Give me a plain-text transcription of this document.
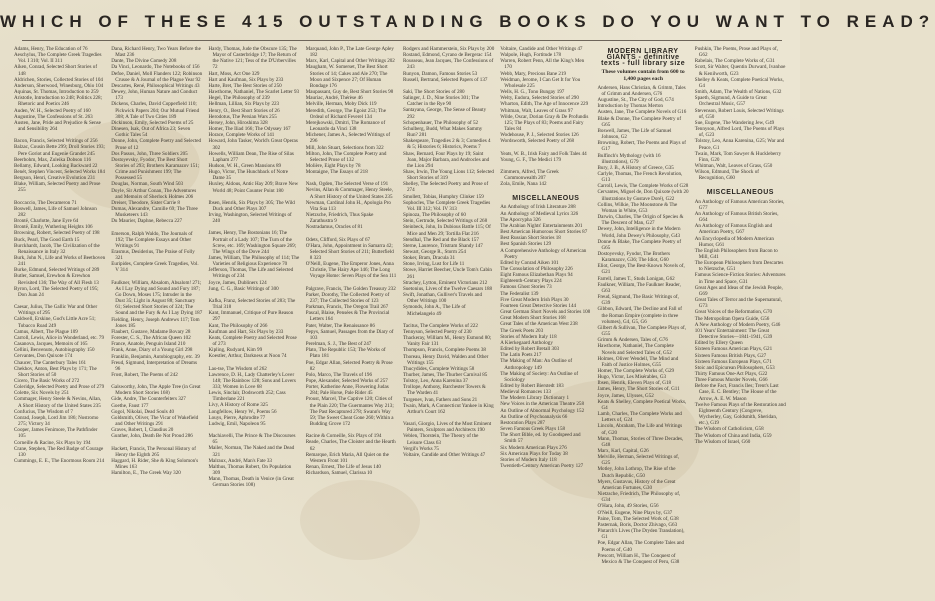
WHICH OF THESE 415 OUTSTANDING BOOKS DO YOU WANT TO READ?

Adams, Henry, The Education of 76

Aeschylus, The Complete Greek Tragedies Vol. I 310; Vol. II 311

Aiken, Conrad, Selected Short Stories of 148

Aldrichen, Stories, Collected Stories of 104

Anderson, Sherwood, Winesburg, Ohio 104

Aquinas, St. Thomas, Introduction to 259

Aristotle, Introduction to 248; Politics 228; Rhetoric and Poetics 246

Auden, W. H., Selected Poetry of 160

Augustine, The Confessions of St. 263

Austen, Jane, Pride and Prejudice & Sense and Sensibility 264

Bacon, Francis, Selected Writings of 256

Balzac, Cousin Bette 299; Droll Stories 193; Pere Goriot and Eugenie Grandet 245

Beerbohm, Max, Zuleika Dobson 116

Bellamy, Edward, Looking Backward 22

Benét, Stephen Vincent, Selected Works 184

Bergson, Henri, Creative Evolution 231

Blake, William, Selected Poetry and Prose 255

Boccaccio, The Decameron 71

Boswell, James, Life of Samuel Johnson 282

Brontë, Charlotte, Jane Eyre 64

Brontë, Emily, Wuthering Heights 106

Browning, Robert, Selected Poetry of 198

Buck, Pearl, The Good Earth 15

Burckhardt, Jacob, The Civilization of the Renaissance in Italy 32

Burk, John N., Life and Works of Beethoven 241

Burke, Edmund, Selected Writings of 289

Butler, Samuel, Erewhon & Erewhon Revisited 136; The Way of All Flesh 13

Byron, Lord, The Selected Poetry of 195; Don Juan 24

Caesar, Julius, The Gallic War and Other Writings of 295

Caldwell, Erskine, God's Little Acre 51; Tobacco Road 249

Camus, Albert, The Plague 109

Carroll, Lewis, Alice in Wonderland, etc. 79

Casanova, Jacques, Memoirs of 165

Cellini, Benvenuto, Autobiography 150

Cervantes, Don Quixote 174

Chaucer, The Canterbury Tales 161

Chekhov, Anton, Best Plays by 171; The Short Stories of 50

Cicero, The Basic Works of 272

Coleridge, Selected Poetry and Prose of 279

Colette, Six Novels by 251

Commager, Henry Steele & Nevins, Allan, A Short History of the United States 235

Confucius, The Wisdom of 7

Conrad, Joseph, Lord Jim 186; Nostromo 275; Victory 34

Cooper, James Fenimore, The Pathfinder 105

Corneille & Racine, Six Plays by 194

Crane, Stephen, The Red Badge of Courage 130

Cummings, E. E., The Enormous Room 214

Dana, Richard Henry, Two Years Before the Mast 236

Dante, The Divine Comedy 208

Da Vinci, Leonardo, The Notebooks of 156

Defoe, Daniel, Moll Flanders 122; Robinson Crusoe & A Journal of the Plague Year 92

Descartes, René, Philosophical Writings 43

Dewey, John, Human Nature and Conduct 173

Dickens, Charles, David Copperfield 110; Pickwick Papers 204; Our Mutual Friend 308; A Tale of Two Cities 189

Dickinson, Emily, Selected Poems of 25

Dinesen, Isak, Out of Africa 23; Seven Gothic Tales 54

Donne, John, Complete Poetry and Selected Prose of 12

Dos Passos, John, Three Soldiers 205

Dostoyevsky, Fyodor, The Best Short Stories of 293; Brothers Karamazov 151; Crime and Punishment 199; The Possessed 55

Douglas, Norman, South Wind 503

Doyle, Sir Arthur Conan, The Adventures and Memoirs of Sherlock Holmes 206

Dreiser, Theodore, Sister Carrie 8

Dumas, Alexandre, Camille 69; The Three Musketeers 143

Du Maurier, Daphne, Rebecca 227

Emerson, Ralph Waldo, The Journals of 192; The Complete Essays and Other Writings 91

Erasmus, Desiderius, The Praise of Folly 321

Euripides, Complete Greek Tragedies, Vol. V 314

Faulkner, William, Absalom, Absalom! 271; As I Lay Dying and Sound and Fury 187; Go Down, Moses 175; Intruder in the Dust 35; Light in August 88; Sanctuary 61; Selected Short Stories of 324; The Sound and the Fury & As I Lay Dying 187

Fielding, Henry, Joseph Andrews 117; Tom Jones 185

Flaubert, Gustave, Madame Bovary 28

Forester, C. S., The African Queen 102

France, Anatole, Penguin Island 210

Frank, Anne, Diary of a Young Girl 298

Franklin, Benjamin, Autobiography, etc. 39

Freud, Sigmund, Interpretation of Dreams 96

Frost, Robert, The Poems of 242

Galsworthy, John, The Apple Tree (in Great Modern Short Stories 168)

Gide, Andre, The Counterfeiters 327

Goethe, Faust 177

Gogol, Nikolai, Dead Souls 40

Goldsmith, Oliver, The Vicar of Wakefield and Other Writings 291

Graves, Robert, I, Claudius 20

Gunther, John, Death Be Not Proud 286

Hackett, Francis, The Personal History of Henry the Eighth 265

Haggard, H. Rider, She & King Solomon's Mines 163

Hamilton, E., The Greek Way 320

Hardy, Thomas, Jude the Obscure 135; The Mayor of Casterbridge 17; The Return of the Native 121; Tess of the D'Urbervilles 72

Hart, Moss, Act One 329

Hart and Kaufman, Six Plays by 233

Harte, Bret, The Best Stories of 250

Hawthorne, Nathaniel, The Scarlet Letter 93

Hegel, The Philosophy of 239

Hellman, Lillian, Six Plays by 223

Henry, O., Best Short Stories of 26

Herodotus, The Persian Wars 255

Hersey, John, Hiroshima 328

Homer, The Iliad 166; The Odyssey 167

Horace, Complete Works of 141

Howard, John Tasker, World's Great Operas 302

Howells, William Dean, The Rise of Silas Lapham 277

Hudson, W. H., Green Mansions 89

Hugo, Victor, The Hunchback of Notre Dame 35

Huxley, Aldous, Antic Hay 209; Brave New World 48; Point Counter Point 180

Ibsen, Henrik, Six Plays by 305; The Wild Duck and Other Plays 307

Irving, Washington, Selected Writings of 240

James, Henry, The Bostonians 16; The Portrait of a Lady 107; The Turn of the Screw, etc. 169; Washington Square 269; The Wings of the Dove 244

James, William, The Philosophy of 114; The Varieties of Religious Experience 70

Jefferson, Thomas, The Life and Selected Writings of 234

Joyce, James, Dubliners 124

Jung, C. G., Basic Writings of 300

Kafka, Franz, Selected Stories of 283; The Trial 318

Kant, Immanuel, Critique of Pure Reason 297

Kant, The Philosophy of 266

Kaufman and Hart, Six Plays by 233

Keats, Complete Poetry and Selected Prose of 273

Kipling, Rudyard, Kim 99

Koestler, Arthur, Darkness at Noon 74

Lao-tse, The Wisdom of 262

Lawrence, D. H., Lady Chatterley's Lover 148; The Rainbow 128; Sons and Lovers 333; Women in Love 68

Lewis, Sinclair, Dodsworth 252; Cass Timberlane 221

Livy, A History of Rome 325

Longfellow, Henry W., Poems 56

Louys, Pierre, Aphrodite 77

Ludwig, Emil, Napoleon 95

Machiavelli, The Prince & The Discourses 65

Mailer, Norman, The Naked and the Dead 321

Malraux, André, Man's Fate 33

Malthus, Thomas Robert, On Population 309

Mann, Thomas, Death in Venice (in Great German Stories 108)

Marquand, John P., The Late George Apley 182

Marx, Karl, Capital and Other Writings 202

Maugham, W. Somerset, The Best Short Stories of 14; Cakes and Ale 270; The Moon and Sixpence 27; Of Human Bondage 176

Maupassant, Guy de, Best Short Stories 98

Mauriac, André, Thérèse 46

Melville, Herman, Moby Dick 119

Meredith, George, The Egoist 253; The Ordeal of Richard Feverel 134

Merejkowski, Dmitri, The Romance of Leonardo da Vinci 138

Michener, James A., Selected Writings of 296

Mill, John Stuart, Selections from 322

Milton, John, The Complete Poetry and Selected Prose of 132

Molière, Eight Plays by 78

Montaigne, The Essays of 218

Nash, Ogden, The Selected Verse of 191

Nevins, Allan & Commager, Henry Steele, A Short History of the United States 235

Newman, Cardinal John H., Apologia Pro Vita Sua 113

Nietzsche, Friedrich, Thus Spake Zarathustra 9

Nostradamus, Oracles of 81

Odets, Clifford, Six Plays of 67

O'Hara, John, Appointment in Samarra 42; Selected Short Stories of 211; Butterfield 8 323

O'Neill, Eugene, The Emperor Jones, Anna Christie, The Hairy Ape 146; The Long Voyage Home: Seven Plays of the Sea 111

Palgrave, Francis, The Golden Treasury 232

Parker, Dorothy, The Collected Poetry of 237; The Collected Stories of 123

Parkman, Francis, The Oregon Trail 267

Pascal, Blaise, Pensées & The Provincial Letters 164

Pater, Walter, The Renaissance 86

Pepys, Samuel, Passages from the Diary of 103

Perelman, S. J., The Best of 247

Plato, The Republic 153; The Works of Plato 181

Poe, Edgar Allan, Selected Poetry & Prose 82

Polo, Marco, The Travels of 196

Pope, Alexander, Selected Works of 257

Porter, Katherine Anne, Flowering Judas 284; Pale Horse, Pale Rider 45

Proust, Marcel, The Captive 120; Cities of the Plain 220; The Guermantes Way 213; The Past Recaptured 278; Swann's Way 59; The Sweet Cheat Gone 260; Within a Budding Grove 172

Racine & Corneille, Six Plays of 194

Reade, Charles, The Cloister and the Hearth 62

Remarque, Erich Maria, All Quiet on the Western Front 101

Renan, Ernest, The Life of Jesus 140

Richardson, Samuel, Clarissa 10

Rodgers and Hammerstein, Six Plays by 200

Rostand, Edmond, Cyrano de Bergerac 154

Rousseau, Jean Jacques, The Confessions of 243

Runyon, Damon, Famous Stories 53

Russell, Bertrand, Selected Papers of 137

Saki, The Short Stories of 280

Salinger, J. D., Nine Stories 301; The Catcher in the Rye 90

Santayana, George, The Sense of Beauty 292

Schopenhauer, The Philosophy of 52

Schulberg, Budd, What Makes Sammy Run? 281

Shakespeare, Tragedies 2 & 3; Comedies 4 & 5; Histories 6; Historics, Poems 7

Shaw, Bernard, Four Plays by 19; Saint Joan, Major Barbara, and Androcles and the Lion 294

Shaw, Irwin, The Young Lions 112; Selected Short Stories of 319

Shelley, The Selected Poetry and Prose of 274

Smollett, Tobias, Humphry Clinker 159

Sophocles, The Complete Greek Tragedies Vol. III 312; Vol. IV 313

Spinoza, The Philosophy of 60

Stein, Gertrude, Selected Writings of 268

Steinbeck, John, In Dubious Battle 115; Of Mice and Men 29; Tortilla Flat 216

Stendhal, The Red and the Black 157

Sterne, Laurence, Tristram Shandy 147

Stewart, George R., Storm 254

Stoker, Bram, Dracula 31

Stone, Irving, Lust for Life 11

Stowe, Harriet Beecher, Uncle Tom's Cabin 261

Strachey, Lytton, Eminent Victorians 212

Suetonius, Lives of the Twelve Caesars 188

Swift, Jonathan, Gulliver's Travels and Other Writings 100

Symonds, John A., The Life of Michelangelo 49

Tacitus, The Complete Works of 222

Tennyson, Selected Poetry of 230

Thackeray, William M., Henry Esmond 80; Vanity Fair 131

Thompson, Francis, Complete Poems 38

Thoreau, Henry David, Walden and Other Writings 155

Thucydides, Complete Writings 58

Thurber, James, The Thurber Carnival 85

Tolstoy, Leo, Anna Karenina 37

Trollope, Anthony, Barchester Towers & The Warden 41

Turgenev, Ivan, Fathers and Sons 21

Twain, Mark, A Connecticut Yankee in King Arthur's Court 162

Vasari, Giorgio, Lives of the Most Eminent Painters, Sculptors and Architects 190

Veblen, Thorstein, The Theory of the Leisure Class 63

Vergil's Works 75

Voltaire, Candide and Other Writings 47

Voltaire, Candide and Other Writings 47

Walpole, Hugh, Fortitude 178

Warren, Robert Penn, All the King's Men 170

Webb, Mary, Precious Bane 219

Weidman, Jerome, I Can Get It for You Wholesale 225

Wells, H. G., Tono Bungay 197

Welty, Eudora, Selected Stories of 290

Wharton, Edith, The Age of Innocence 229

Whitman, Walt, Leaves of Grass 97

Wilde, Oscar, Dorian Gray & De Profundis 125; The Plays of 83; Poems and Fairy Tales 84

Wodehouse, P. J., Selected Stories 126

Wordsworth, Selected Poetry of 268

Yeats, W. B., Irish Fairy and Folk Tales 44

Young, G. F., The Medici 179

Zimmern, Alfred, The Greek Commonwealth 207

Zola, Emile, Nana 142

MISCELLANEOUS

An Anthology of Irish Literature 288

An Anthology of Medieval Lyrics 326

The Apocrypha 326

The Arabian Nights' Entertainments 201

Best American Humorous Short Stories 87

Best Russian Short Stories 18

Best Spanish Stories 129

A Comprehensive Anthology of American Poetry

Edited by Conrad Aiken 101

The Consolation of Philosophy 226

Eight Famous Elizabethan Plays 94

Eighteenth-Century Plays 224

Famous Ghost Stories 73

The Federalist 139

Five Great Modern Irish Plays 30

Fourteen Great Detective Stories 144

Great German Short Novels and Stories 108

Great Modern Short Stories 168

Great Tales of the American West 238

The Greek Poets 203

Stories of Modern Italy 118

A Kierkegaard Anthology

Edited by Robert Bretall 303

The Latin Poets 217

The Making of Man: An Outline of Anthropology 149

The Making of Society: An Outline of Sociology

Edited by Robert Bierstedt 183

Medieval Romances 133

The Modern Library Dictionary 1

New Voices in the American Theatre 258

An Outline of Abnormal Psychology 152

An Outline of Psychoanalysis 66

Restoration Plays 287

Seven Famous Greek Plays 158

The Short Bible, ed. by Goodspeed and Smith 57

Six Modern American Plays 276

Six American Plays for Today 38

Stories of Modern Italy 118

Twentieth-Century American Poetry 127

MODERN LIBRARY GIANTS - definitive texts - full library size
These volumes contain from 600 to 1,400 pages each

Andersen, Hans Christian, & Grimm, Tales of Grimm and Andersen, G76

Augustine, St., The City of God, G74

Introduction by Thomas Merton

Austen, Jane, The Complete Novels of G16

Blake & Donne, The Complete Poetry of G65

Boswell, James, The Life of Samuel Johnson, G2

Browning, Robert, The Poems and Plays of G17

Bulfinch's Mythology (with 16 illustrations), G79

Bury, J. B., A History of Greece, G35

Carlyle, Thomas, The French Revolution, G13

Carroll, Lewis, The Complete Works of G28

Cervantes, Miguel de, Don Quixote (with 20 illustrations by Gustave Doré), G22

Collins, Wilkie, The Moonstone & The Woman in White, G53

Darwin, Charles, The Origin of Species & The Descent of Man, G27

Dewey, John, Intelligence in the Modern World, John Dewey's Philosophy, G43

Donne & Blake, The Complete Poetry of G65

Dostoyevsky, Fyodor, The Brothers Karamazov, G36; The Idiot, G60

Eliot, George, The Best-Known Novels of, G21

Farrell, James T., Studs Lonigan, G62

Faulkner, William, The Faulkner Reader, G63

Freud, Sigmund, The Basic Writings of, G39

Gibbon, Edward, The Decline and Fall of the Roman Empire (complete in three volumes), G4, G5, G6

Gilbert & Sullivan, The Complete Plays of, G55

Grimm & Andersen, Tales of, G76

Hawthorne, Nathaniel, The Complete Novels and Selected Tales of, G52

Holmes, Oliver Wendell, The Mind and Faith of Justice Holmes, G55

Homer, The Complete Works of, G29

Hugo, Victor, Les Misérables, G3

Ibsen, Henrik, Eleven Plays of, G18

James, Henry, The Short Stories of, G11

Joyce, James, Ulysses, G52

Keats & Shelley, Complete Poetical Works, G4

Lamb, Charles, The Complete Works and Letters of, G24

Lincoln, Abraham, The Life and Writings of, G20

Mann, Thomas, Stories of Three Decades, G48

Marx, Karl, Capital, G26

Melville, Herman, Selected Writings of, G25

Motley, John Lothrop, The Rise of the Dutch Republic, G50

Myers, Gustavus, History of the Great American Fortunes, G30

Nietzsche, Friedrich, The Philosophy of, G34

O'Hara, John, 49 Stories, G56

O'Neill, Eugene, Nine Plays by, G37

Paine, Tom, The Selected Work of, G38

Pasternak, Boris, Doctor Zhivago, G63

Plutarch's Lives (The Dryden Translation), G1

Poe, Edgar Allan, The Complete Tales and Poems of, G40

Prescott, William H., The Conquest of Mexico & The Conquest of Peru, G38

Pushkin, The Poems, Prose and Plays of, G62

Rabelais, The Complete Works of, G31

Scott, Sir Walter, Quentin Durward, Ivanhoe & Kenilworth, G23

Shelley & Keats, Complete Poetical Works, G4

Smith, Adam, The Wealth of Nations, G32

Spaeth, Sigmund, A Guide to Great Orchestral Music, G57

Stevenson, Robert Louis, Selected Writings of, G50

Sue, Eugene, The Wandering Jew, G49

Tennyson, Alfred Lord, The Poems of Plays of, G23

Tolstoy, Leo, Anna Karenina, G25; War and Peace, G1

Twain, Mark, Tom Sawyer & Huckleberry Finn, G20

Whitman, Walt, Leaves of Grass, G50

Wilson, Edmund, The Shock of Recognition, G60

MISCELLANEOUS

An Anthology of Famous American Stories, G77

An Anthology of Famous British Stories, G64

An Anthology of Famous English and American Poetry, G67

An Encyclopedia of Modern American Humor, G61

The English Philosophers from Bacon to Mill, G41

The European Philosophers from Descartes to Nietzsche, G51

Famous Science-Fiction Stories: Adventures in Time and Space, G31

Great Ages and Ideas of the Jewish People, G69

Great Tales of Terror and the Supernatural, G73

Great Voices of the Reformation, G70

The Metropolitan Opera Guide, G56

A New Anthology of Modern Poetry, G46

101 Years' Entertainment: The Great Detective Stories—1841-1941, G39

Edited by Ellery Queen

Sixteen Famous American Plays, G21

Sixteen Famous British Plays, G27

Sixteen Famous European Plays, G71

Stoic and Epicurean Philosophers, G53

Thirty Famous One-Act Plays, G22

Three Famous Murder Novels, G66

Before the Fact, Francis Iles; Trent's Last Case, E. C. Bentley; The House of the Arrow, A. E. W. Mason

Twelve Famous Plays of the Restoration and Eighteenth Century (Congreve, Wycherley, Gay, Goldsmith, Sheridan, etc.), G19

The Wisdom of Catholicism, G58

The Wisdom of China and India, G59

The Wisdom of Israel, G60
